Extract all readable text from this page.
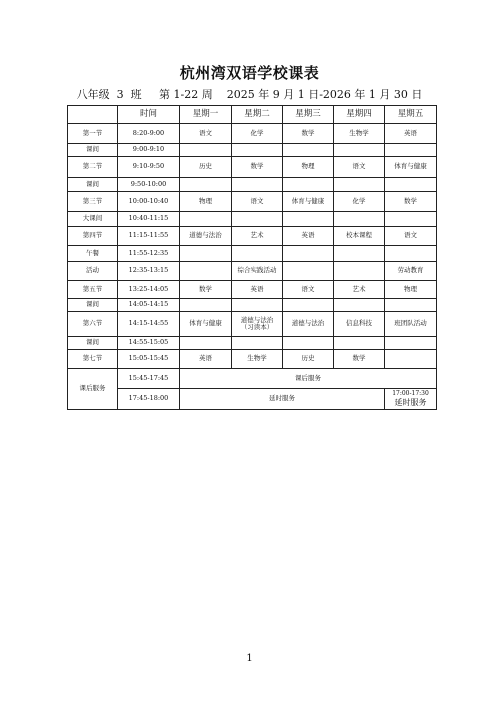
杭州湾双语学校课表
八年级  3  班     第 1-22 周    2025 年 9 月 1 日-2026 年 1 月 30 日
	时间	星期一	星期二	星期三	星期四	星期五
第一节	8:20-9:00	语文	化学	数学	生物学	英语
课间	9:00-9:10					
第二节	9:10-9:50	历史	数学	物理	语文	体育与健康
课间	9:50-10:00					
第三节	10:00-10:40	物理	语文	体育与健康	化学	数学
大课间	10:40-11:15					
第四节	11:15-11:55	道德与法治	艺术	英语	校本课程	语文
午餐	11:55-12:35					
活动	12:35-13:15		综合实践活动			劳动教育
第五节	13:25-14:05	数学	英语	语文	艺术	物理
课间	14:05-14:15					
第六节	14:15-14:55	体育与健康	道德与法治
（习读本）	道德与法治	信息科技	班团队活动
课间	14:55-15:05					
第七节	15:05-15:45	英语	生物学	历史	数学	
课后服务	15:45-17:45	课后服务				
	17:45-18:00	延时服务				17:00-17:30
延时服务
1
